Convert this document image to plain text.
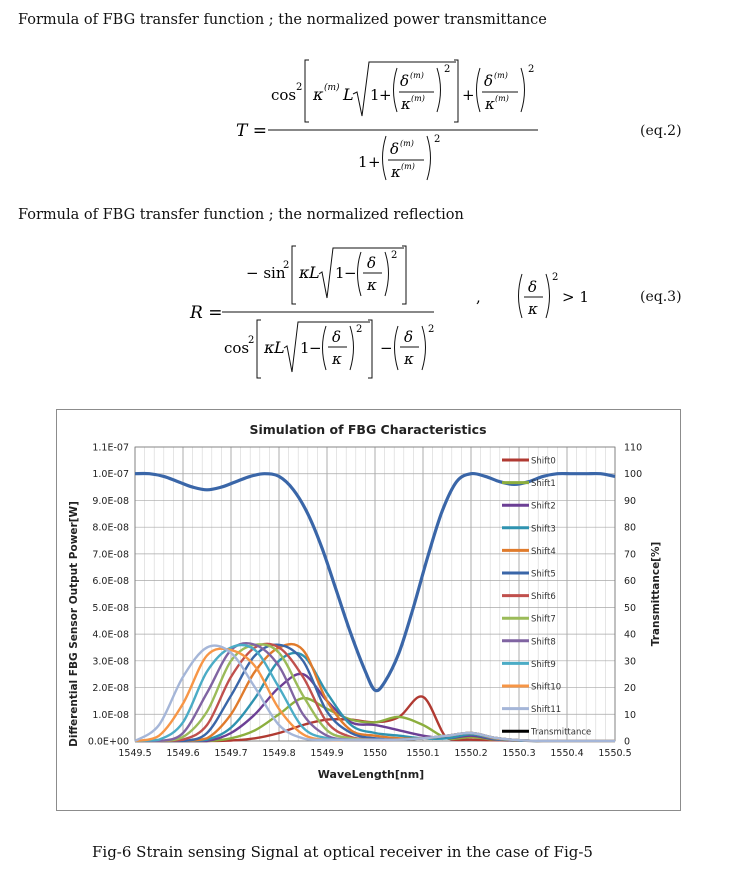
Formula of FBG transfer function ; the normalized power transmittance
T =
cos 2 κ (m) L 1 +
δ (m)
κ (m)
2
+
δ (m)
κ (m)
2
1 +
δ (m)
κ (m)
2
(eq.2)
Formula of FBG transfer function ; the normalized reflection
R =
− sin
2 κ L 1 −
δ
κ
2
cos
2 κ L 1 −
δ
κ
2
−
δ
κ
2
,
δ
κ
2
> 1	(eq.3)
Simulation of FBG Characteristics
0.0E+00
1.0E-08
2.0E-08
3.0E-08
4.0E-08
5.0E-08
6.0E-08
7.0E-08
8.0E-08
9.0E-08
1.0E-07
1.1E-07
0
10
20
30
40
50
60
70
80
90
100
110
1549.5 1549.6 1549.7 1549.8 1549.9 1550 1550.1 1550.2 1550.3 1550.4 1550.5
Shift0
Shift1
Shift2
Shift3
Shift4
Shift5
Shift6
Shift7
Shift8
Shift9
Shift10
Shift11
Transmittance
WaveLength[nm]
Differential FBG Sensor Output Power[W]	Transmittance[%]
Fig-6 Strain sensing Signal at optical receiver in the case of Fig-5
